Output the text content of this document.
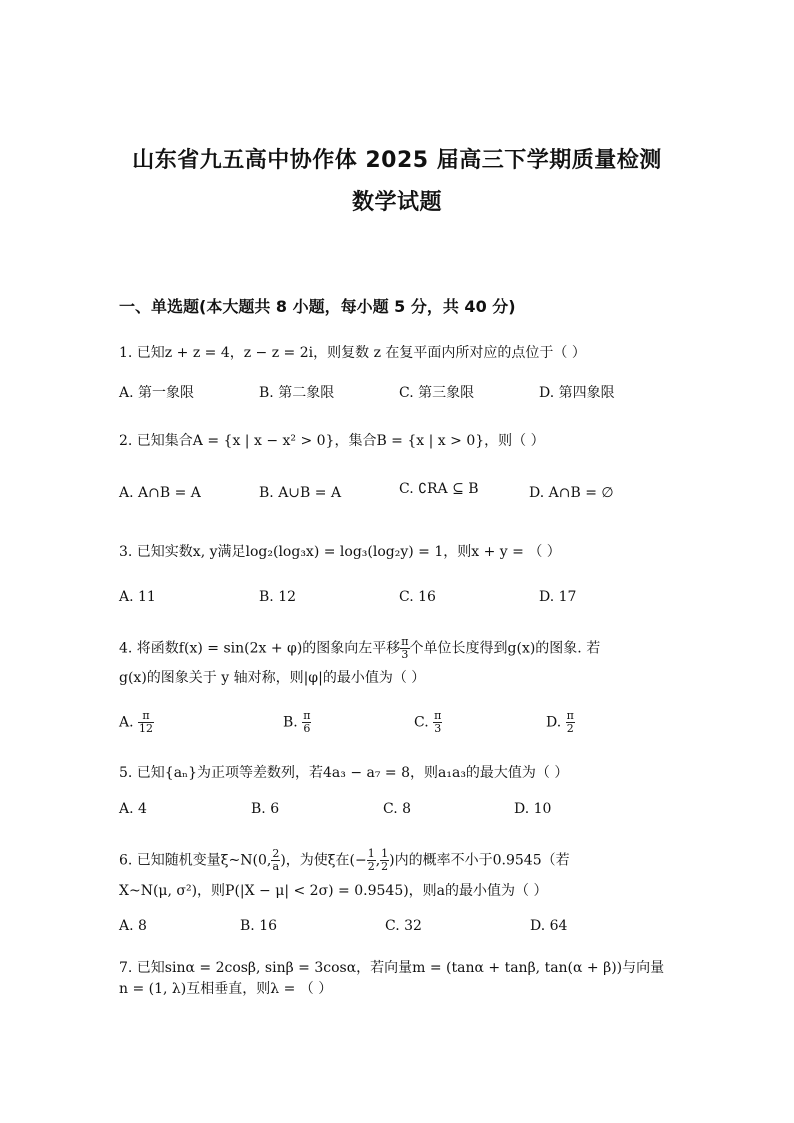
山东省九五高中协作体 2025 届高三下学期质量检测
数学试题
一、单选题(本大题共 8 小题，每小题 5 分，共 40 分)
1. 已知z + z = 4，z − z = 2i，则复数 z 在复平面内所对应的点位于（ ）
A. 第一象限	B. 第二象限	C. 第三象限	D. 第四象限
2. 已知集合A = {x | x − x² > 0}，集合B = {x | x > 0}，则（ ）
A. A∩B = A	B. A∪B = A	C. ∁RA ⊆ B	D. A∩B = ∅
3. 已知实数x, y满足log₂(log₃x) = log₃(log₂y) = 1，则x + y = （ ）
A. 11	B. 12	C. 16	D. 17
4. 将函数f(x) = sin(2x + φ)的图象向左平移 $\frac{\pi}{3}$ 个单位长度得到g(x)的图象. 若
g(x)的图象关于 y 轴对称，则|φ|的最小值为（ ）
A. $\frac{\pi}{12}$	B. $\frac{\pi}{6}$	C. $\frac{\pi}{3}$	D. $\frac{\pi}{2}$
5. 已知{aₙ}为正项等差数列，若4a₃ − a₇ = 8，则a₁a₃的最大值为（ ）
A. 4	B. 6	C. 8	D. 10
6. 已知随机变量ξ~N(0, $\frac{2}{a}$ )，为使ξ在(− $\frac{1}{2}$ , $\frac{1}{2}$ )内的概率不小于0.9545（若
X~N(μ, σ²)，则P(|X − μ| < 2σ) = 0.9545)，则a的最小值为（ ）
A. 8	B. 16	C. 32	D. 64
7. 已知sinα = 2cosβ, sinβ = 3cosα，若向量m = (tanα + tanβ, tan(α + β))与向量
n = (1, λ)互相垂直，则λ = （ ）
